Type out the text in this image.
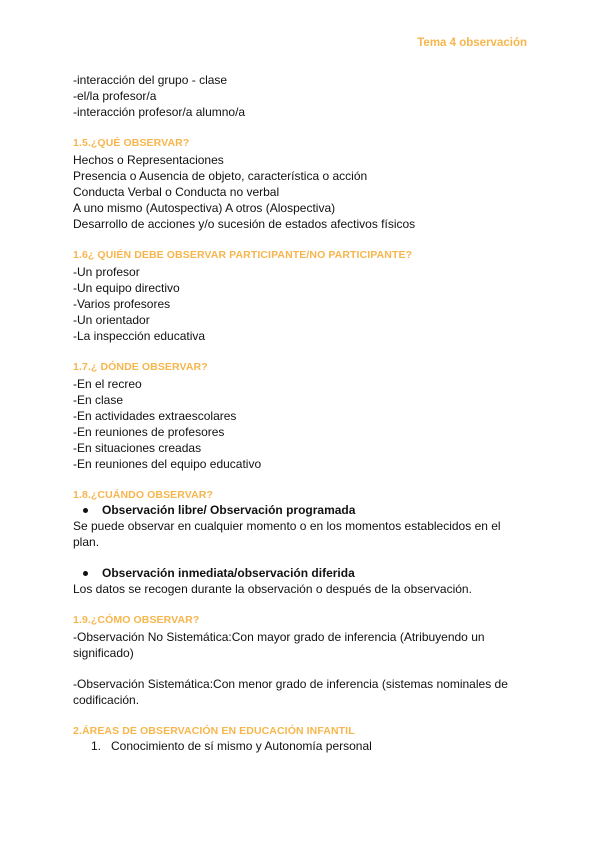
Tema 4 observación

-interacción del grupo - clase

-el/la profesor/a

-interacción profesor/a alumno/a

1.5.¿QUÉ OBSERVAR?

Hechos o Representaciones

Presencia o Ausencia de objeto, característica o acción

Conducta Verbal o Conducta no verbal

A uno mismo (Autospectiva) A otros (Alospectiva)

Desarrollo de acciones y/o sucesión de estados afectivos físicos

1.6¿ QUIÉN DEBE OBSERVAR PARTICIPANTE/NO PARTICIPANTE?

-Un profesor

-Un equipo directivo

-Varios profesores

-Un orientador

-La inspección educativa

1.7.¿ DÓNDE OBSERVAR?

-En el recreo

-En clase

-En actividades extraescolares

-En reuniones de profesores

-En situaciones creadas

-En reuniones del equipo educativo

1.8.¿CUÁNDO OBSERVAR?

Observación libre/ Observación programada

Se puede observar en cualquier momento o en los momentos establecidos en el plan.

Observación inmediata/observación diferida

Los datos se recogen durante la observación o después de la observación.

1.9.¿CÓMO OBSERVAR?

-Observación No Sistemática:Con mayor grado de inferencia (Atribuyendo un significado)

-Observación Sistemática:Con menor grado de inferencia (sistemas nominales de codificación.

2.ÁREAS DE OBSERVACIÓN EN EDUCACIÓN INFANTIL

1. Conocimiento de sí mismo y Autonomía personal
